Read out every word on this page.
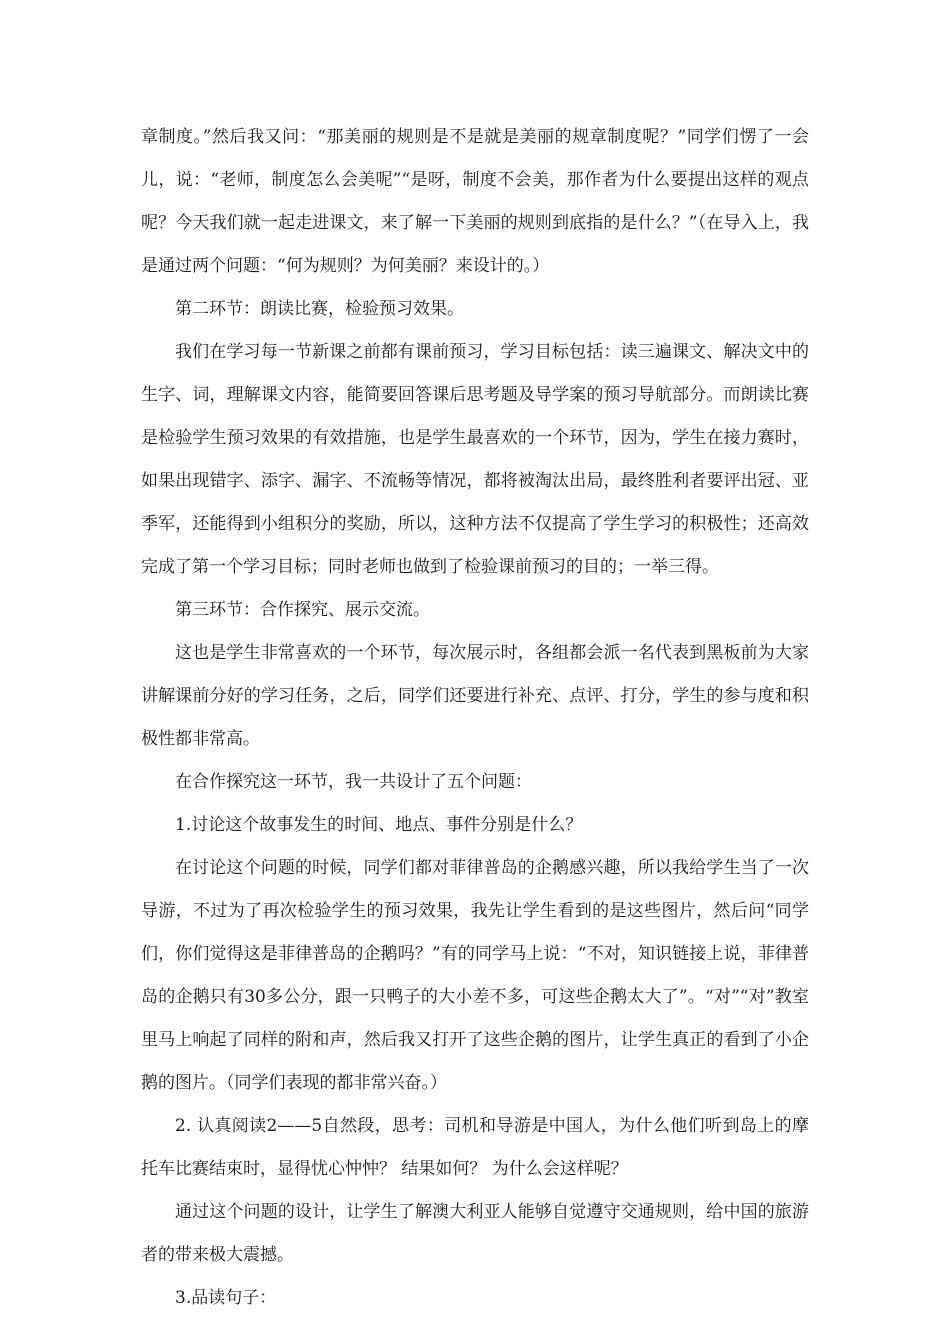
章制度。”然后我又问：“那美丽的规则是不是就是美丽的规章制度呢？”同学们愣了一会儿，说：“老师，制度怎么会美呢”“是呀，制度不会美，那作者为什么要提出这样的观点呢？今天我们就一起走进课文，来了解一下美丽的规则到底指的是什么？”（在导入上，我是通过两个问题：“何为规则？为何美丽？来设计的。）

第二环节：朗读比赛，检验预习效果。

我们在学习每一节新课之前都有课前预习，学习目标包括：读三遍课文、解决文中的生字、词，理解课文内容，能简要回答课后思考题及导学案的预习导航部分。而朗读比赛是检验学生预习效果的有效措施，也是学生最喜欢的一个环节，因为，学生在接力赛时，如果出现错字、添字、漏字、不流畅等情况，都将被淘汰出局，最终胜利者要评出冠、亚季军，还能得到小组积分的奖励，所以，这种方法不仅提高了学生学习的积极性；还高效完成了第一个学习目标；同时老师也做到了检验课前预习的目的；一举三得。

第三环节：合作探究、展示交流。

这也是学生非常喜欢的一个环节，每次展示时，各组都会派一名代表到黑板前为大家讲解课前分好的学习任务，之后，同学们还要进行补充、点评、打分，学生的参与度和积极性都非常高。

在合作探究这一环节，我一共设计了五个问题：

1.讨论这个故事发生的时间、地点、事件分别是什么？

在讨论这个问题的时候，同学们都对菲律普岛的企鹅感兴趣，所以我给学生当了一次导游，不过为了再次检验学生的预习效果，我先让学生看到的是这些图片，然后问“同学们，你们觉得这是菲律普岛的企鹅吗？”有的同学马上说：“不对，知识链接上说，菲律普岛的企鹅只有30多公分，跟一只鸭子的大小差不多，可这些企鹅太大了”。“对”“对”教室里马上响起了同样的附和声，然后我又打开了这些企鹅的图片，让学生真正的看到了小企鹅的图片。（同学们表现的都非常兴奋。）

2. 认真阅读2——5自然段，思考：司机和导游是中国人，为什么他们听到岛上的摩托车比赛结束时，显得忧心忡忡？ 结果如何？ 为什么会这样呢？

通过这个问题的设计，让学生了解澳大利亚人能够自觉遵守交通规则，给中国的旅游者的带来极大震撼。

3.品读句子：
